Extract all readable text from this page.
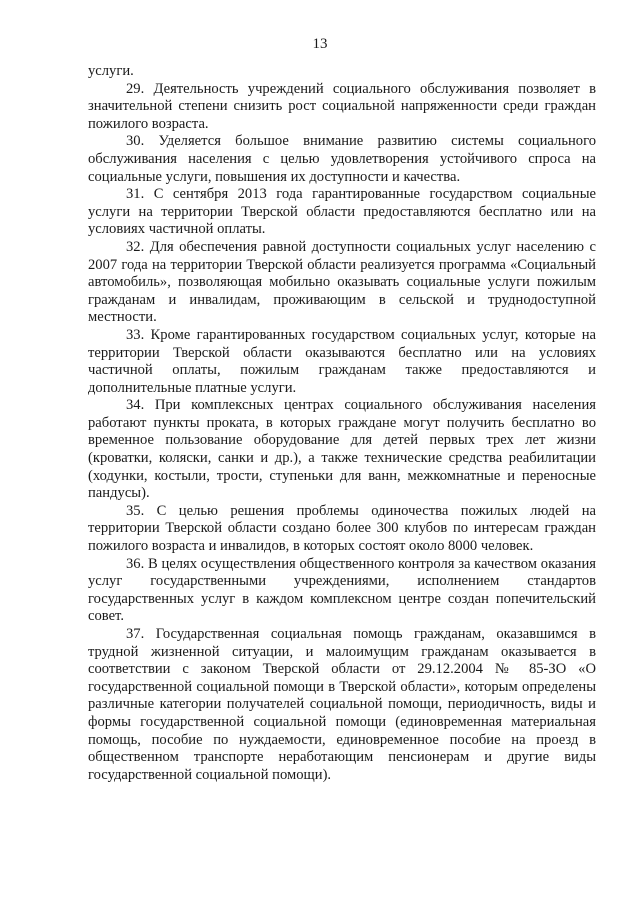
13

услуги.

29. Деятельность учреждений социального обслуживания позволяет в значительной степени снизить рост социальной напряженности среди граждан пожилого возраста.

30. Уделяется большое внимание развитию системы социального обслуживания населения с целью удовлетворения устойчивого спроса на социальные услуги, повышения их доступности и качества.

31. С сентября 2013 года гарантированные государством социальные услуги на территории Тверской области предоставляются бесплатно или на условиях частичной оплаты.

32. Для обеспечения равной доступности социальных услуг населению с 2007 года на территории Тверской области реализуется программа «Социальный автомобиль», позволяющая мобильно оказывать социальные услуги пожилым гражданам и инвалидам, проживающим в сельской и труднодоступной местности.

33. Кроме гарантированных государством социальных услуг, которые на территории Тверской области оказываются бесплатно или на условиях частичной оплаты, пожилым гражданам также предоставляются и дополнительные платные услуги.

34. При комплексных центрах социального обслуживания населения работают пункты проката, в которых граждане могут получить бесплатно во временное пользование оборудование для детей первых трех лет жизни (кроватки, коляски, санки и др.), а также технические средства реабилитации (ходунки, костыли, трости, ступеньки для ванн, межкомнатные и переносные пандусы).

35. С целью решения проблемы одиночества пожилых людей на территории Тверской области создано более 300 клубов по интересам граждан пожилого возраста и инвалидов, в которых состоят около 8000 человек.

36. В целях осуществления общественного контроля за качеством оказания услуг государственными учреждениями, исполнением стандартов государственных услуг в каждом комплексном центре создан попечительский совет.

37. Государственная социальная помощь гражданам, оказавшимся в трудной жизненной ситуации, и малоимущим гражданам оказывается в соответствии с законом Тверской области от 29.12.2004 № 85-ЗО «О государственной социальной помощи в Тверской области», которым определены различные категории получателей социальной помощи, периодичность, виды и формы государственной социальной помощи (единовременная материальная помощь, пособие по нуждаемости, единовременное пособие на проезд в общественном транспорте неработающим пенсионерам и другие виды государственной социальной помощи).
